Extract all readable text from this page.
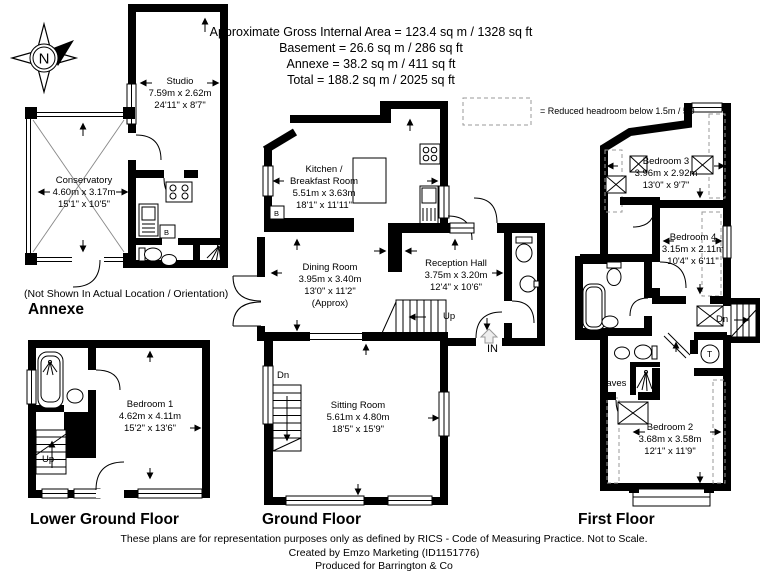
Approximate Gross Internal Area = 123.4 sq m / 1328 sq ft
Basement = 26.6 sq m / 286 sq ft
Annexe = 38.2 sq m / 411 sq ft
Total = 188.2 sq m / 2025 sq ft
= Reduced headroom below 1.5m / 5'0
N
Studio
7.59m x 2.62m
24'11" x 8'7"
Conservatory
4.60m x 3.17m
15'1" x 10'5"
B
(Not Shown In Actual Location / Orientation)
Annexe
Bedroom 1
4.62m x 4.11m
15'2" x 13'6"
Up
Kitchen /
Breakfast Room
5.51m x 3.63m
18'1" x 11'11"
B
Dining Room
3.95m x 3.40m
13'0" x 11'2"
(Approx)
Reception Hall
3.75m x 3.20m
12'4" x 10'6"
Sitting Room
5.61m x 4.80m
18'5" x 15'9"
Up
Dn
IN
Bedroom 3
3.96m x 2.92m
13'0" x 9'7"
Bedroom 4
3.15m x 2.11m
10'4" x 6'11"
Bedroom 2
3.68m x 3.58m
12'1" x 11'9"
Dn
T
Eaves
Lower Ground Floor	Ground Floor	First Floor
These plans are for representation purposes only as defined by RICS - Code of Measuring Practice. Not to Scale.
Created by Emzo Marketing (ID1151776)
Produced for Barrington & Co
